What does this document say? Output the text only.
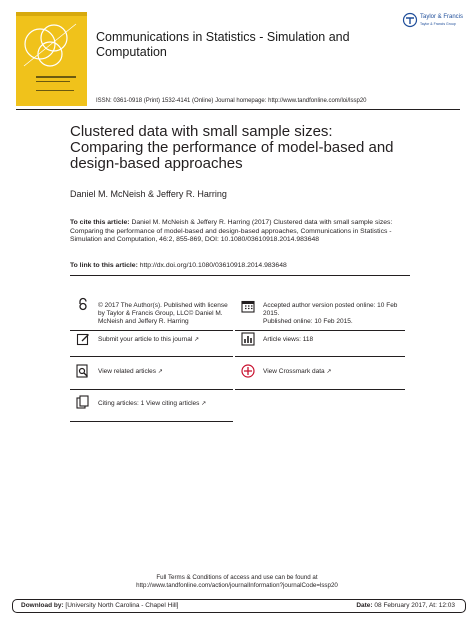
Communications in Statistics - Simulation and Computation
Taylor & Francis
Taylor & Francis Group
ISSN: 0361-0918 (Print) 1532-4141 (Online) Journal homepage: http://www.tandfonline.com/loi/lssp20
Clustered data with small sample sizes: Comparing the performance of model-based and design-based approaches
Daniel M. McNeish & Jeffery R. Harring
To cite this article: Daniel M. McNeish & Jeffery R. Harring (2017) Clustered data with small sample sizes: Comparing the performance of model-based and design-based approaches, Communications in Statistics - Simulation and Computation, 46:2, 855-869, DOI: 10.1080/03610918.2014.983648
To link to this article: http://dx.doi.org/10.1080/03610918.2014.983648
© 2017 The Author(s). Published with license by Taylor & Francis Group, LLC© Daniel M. McNeish and Jeffery R. Harring
Submit your article to this journal ↗
View related articles ↗
Citing articles: 1 View citing articles ↗
Accepted author version posted online: 10 Feb 2015.
Published online: 10 Feb 2015.
Article views: 118
View Crossmark data ↗
Full Terms & Conditions of access and use can be found at
http://www.tandfonline.com/action/journalInformation?journalCode=lssp20
Download by: [University North Carolina - Chapel Hill]	Date: 08 February 2017, At: 12:03
